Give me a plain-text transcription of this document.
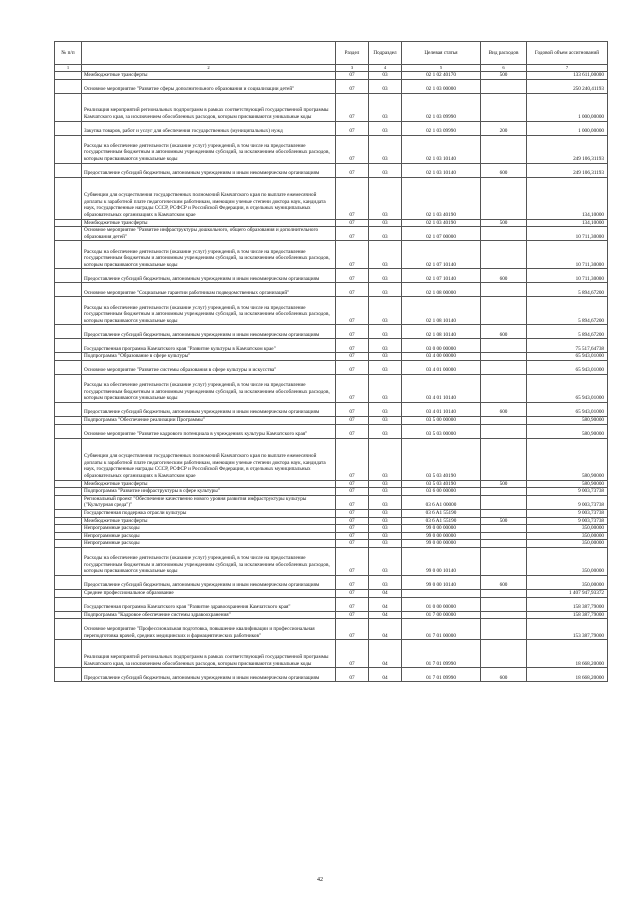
№ п/п		Раздел	Подраздел	Целевая статья	Вид расходов	Годовой объем ассигнований
1	2	3	4	5	6	7
	Межбюджетные трансферты	07	03	02 1 02 40170	500	133 611,00000
	Основное мероприятие "Развитие сферы дополнительного образования и социализации детей"	07	03	02 1 03 00000		250 240,41193
	Реализация мероприятий региональных подпрограмм в рамках соответствующей государственной программы Камчатского края, за исключением обособленных расходов, которым присваиваются уникальные коды	07	03	02 1 03 09990		1 000,00000
	Закупка товаров, работ и услуг для обеспечения государственных (муниципальных) нужд	07	03	02 1 03 09990	200	1 000,00000
	Расходы на обеспечение деятельности (оказание услуг) учреждений, в том числе на предоставление государственным бюджетным и автономным учреждениям субсидий, за исключением обособленных расходов, которым присваиваются уникальные коды	07	03	02 1 03 10140		249 106,31193
	Предоставление субсидий бюджетным, автономным учреждениям и иным некоммерческим организациям	07	03	02 1 03 10140	600	249 106,31193
	Субвенции для осуществления государственных полномочий Камчатского края по выплате ежемесячной доплаты к заработной плате педагогическим работникам, имеющим ученые степени доктора наук, кандидата наук, государственные награды СССР, РСФСР и Российской Федерации, в отдельных муниципальных образовательных организациях в Камчатском крае	07	03	02 1 03 40190		134,10000
	Межбюджетные трансферты	07	03	02 1 03 40190	500	134,10000
	Основное мероприятие "Развитие инфраструктуры дошкольного, общего образования и дополнительного образования детей"	07	03	02 1 07 00000		10 711,30000
	Расходы на обеспечение деятельности (оказание услуг) учреждений, в том числе на предоставление государственным бюджетным и автономным учреждениям субсидий, за исключением обособленных расходов, которым присваиваются уникальные коды	07	03	02 1 07 10140		10 711,30000
	Предоставление субсидий бюджетным, автономным учреждениям и иным некоммерческим организациям	07	03	02 1 07 10140	600	10 711,30000
	Основное мероприятие "Социальные гарантии работникам подведомственных организаций"	07	03	02 1 08 00000		5 894,67200
	Расходы на обеспечение деятельности (оказание услуг) учреждений, в том числе на предоставление государственным бюджетным и автономным учреждениям субсидий, за исключением обособленных расходов, которым присваиваются уникальные коды	07	03	02 1 08 10140		5 894,67200
	Предоставление субсидий бюджетным, автономным учреждениям и иным некоммерческим организациям	07	03	02 1 08 10140	600	5 894,67200
	Государственная программа Камчатского края "Развитие культуры в Камчатском крае"	07	03	03 0 00 00000		75 517,64738
	Подпрограмма "Образование в сфере культуры"	07	03	03 4 00 00000		65 943,01000
	Основное мероприятие "Развитие системы образования в сфере культуры и искусства"	07	03	03 4 01 00000		65 943,01000
	Расходы на обеспечение деятельности (оказание услуг) учреждений, в том числе на предоставление государственным бюджетным и автономным учреждениям субсидий, за исключением обособленных расходов, которым присваиваются уникальные коды	07	03	03 4 01 10140		65 943,01000
	Предоставление субсидий бюджетным, автономным учреждениям и иным некоммерческим организациям	07	03	03 4 01 10140	600	65 943,01000
	Подпрограмма "Обеспечение реализации Программы"	07	03	03 5 00 00000		580,90000
	Основное мероприятие "Развитие кадрового потенциала в учреждениях культуры Камчатского края"	07	03	03 5 03 00000		580,90000
	Субвенции для осуществления государственных полномочий Камчатского края по выплате ежемесячной доплаты к заработной плате педагогическим работникам, имеющим ученые степени доктора наук, кандидата наук, государственные награды СССР, РСФСР и Российской Федерации, в отдельных муниципальных образовательных организациях в Камчатском крае	07	03	03 5 03 40190		580,90000
	Межбюджетные трансферты	07	03	03 5 03 40190	500	580,90000
	Подпрограмма "Развитие инфраструктуры в сфере культуры"	07	03	03 6 00 00000		9 003,73738
	Региональный проект "Обеспечение качественно нового уровня развития инфраструктуры культуры ("Культурная среда")"	07	03	03 6 A1 00000		9 003,73738
	Государственная поддержка отрасли культуры	07	03	03 6 A1 55190		9 003,73738
	Межбюджетные трансферты	07	03	03 6 A1 55190	500	9 003,73738
	Непрограммные расходы	07	03	99 0 00 00000		350,00000
	Непрограммные расходы	07	03	99 0 00 00000		350,00000
	Непрограммные расходы	07	03	99 0 00 00000		350,00000
	Расходы на обеспечение деятельности (оказание услуг) учреждений, в том числе на предоставление государственным бюджетным и автономным учреждениям субсидий, за исключением обособленных расходов, которым присваиваются уникальные коды	07	03	99 0 00 10140		350,00000
	Предоставление субсидий бюджетным, автономным учреждениям и иным некоммерческим организациям	07	03	99 0 00 10140	600	350,00000
	Среднее профессиональное образование	07	04			1 407 947,93372
	Государственная программа Камчатского края "Развитие здравоохранения Камчатского края"	07	04	01 0 00 00000		158 387,79000
	Подпрограмма "Кадровое обеспечение системы здравоохранения"	07	04	01 7 00 00000		158 387,79000
	Основное мероприятие "Профессиональная подготовка, повышение квалификации и профессиональная переподготовка врачей, средних медицинских и фармацевтических работников"	07	04	01 7 01 00000		153 387,79000
	Реализация мероприятий региональных подпрограмм в рамках соответствующей государственной программы Камчатского края, за исключением обособленных расходов, которым присваиваются уникальные коды	07	04	01 7 01 09990		18 668,20000
	Предоставление субсидий бюджетным, автономным учреждениям и иным некоммерческим организациям	07	04	01 7 01 09990	600	18 668,20000
42
